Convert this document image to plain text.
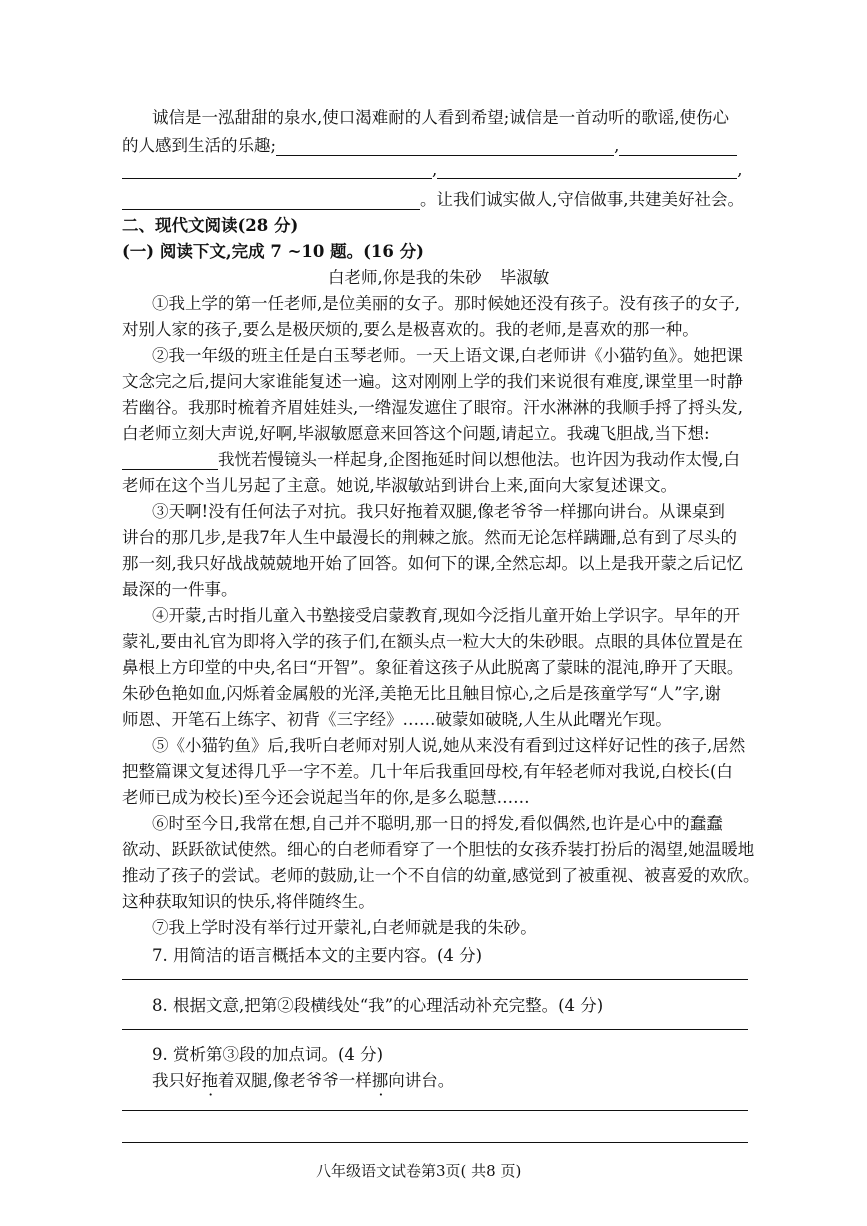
诚信是一泓甜甜的泉水,使口渴难耐的人看到希望;诚信是一首动听的歌谣,使伤心
的人感到生活的乐趣;	,
,	,
。让我们诚实做人,守信做事,共建美好社会。
二、现代文阅读(28 分)
(一) 阅读下文,完成 7 ~10 题。(16 分)
白老师,你是我的朱砂 毕淑敏
①我上学的第一任老师,是位美丽的女子。那时候她还没有孩子。没有孩子的女子,
对别人家的孩子,要么是极厌烦的,要么是极喜欢的。我的老师,是喜欢的那一种。
②我一年级的班主任是白玉琴老师。一天上语文课,白老师讲《小猫钓鱼》。她把课
文念完之后,提问大家谁能复述一遍。这对刚刚上学的我们来说很有难度,课堂里一时静
若幽谷。我那时梳着齐眉娃娃头,一绺湿发遮住了眼帘。汗水淋淋的我顺手捋了捋头发,
白老师立刻大声说,好啊,毕淑敏愿意来回答这个问题,请起立。我魂飞胆战,当下想:
我恍若慢镜头一样起身,企图拖延时间以想他法。也许因为我动作太慢,白
老师在这个当儿另起了主意。她说,毕淑敏站到讲台上来,面向大家复述课文。
③天啊!没有任何法子对抗。我只好拖着双腿,像老爷爷一样挪向讲台。从课桌到
讲台的那几步,是我7年人生中最漫长的荆棘之旅。然而无论怎样蹒跚,总有到了尽头的
那一刻,我只好战战兢兢地开始了回答。如何下的课,全然忘却。以上是我开蒙之后记忆
最深的一件事。
④开蒙,古时指儿童入书塾接受启蒙教育,现如今泛指儿童开始上学识字。早年的开
蒙礼,要由礼官为即将入学的孩子们,在额头点一粒大大的朱砂眼。点眼的具体位置是在
鼻根上方印堂的中央,名曰“开智”。象征着这孩子从此脱离了蒙昧的混沌,睁开了天眼。
朱砂色艳如血,闪烁着金属般的光泽,美艳无比且触目惊心,之后是孩童学写“人”字,谢
师恩、开笔石上练字、初背《三字经》……破蒙如破晓,人生从此曙光乍现。
⑤《小猫钓鱼》后,我听白老师对别人说,她从来没有看到过这样好记性的孩子,居然
把整篇课文复述得几乎一字不差。几十年后我重回母校,有年轻老师对我说,白校长(白
老师已成为校长)至今还会说起当年的你,是多么聪慧……
⑥时至今日,我常在想,自己并不聪明,那一日的捋发,看似偶然,也许是心中的蠢蠢
欲动、跃跃欲试使然。细心的白老师看穿了一个胆怯的女孩乔装打扮后的渴望,她温暖地
推动了孩子的尝试。老师的鼓励,让一个不自信的幼童,感觉到了被重视、被喜爱的欢欣。
这种获取知识的快乐,将伴随终生。
⑦我上学时没有举行过开蒙礼,白老师就是我的朱砂。
7. 用简洁的语言概括本文的主要内容。(4 分)
8. 根据文意,把第②段横线处“我”的心理活动补充完整。(4 分)
9. 赏析第③段的加点词。(4 分)
我只好拖着双腿,像老爷爷一样挪向讲台。
八年级语文试卷第3页( 共8 页)
